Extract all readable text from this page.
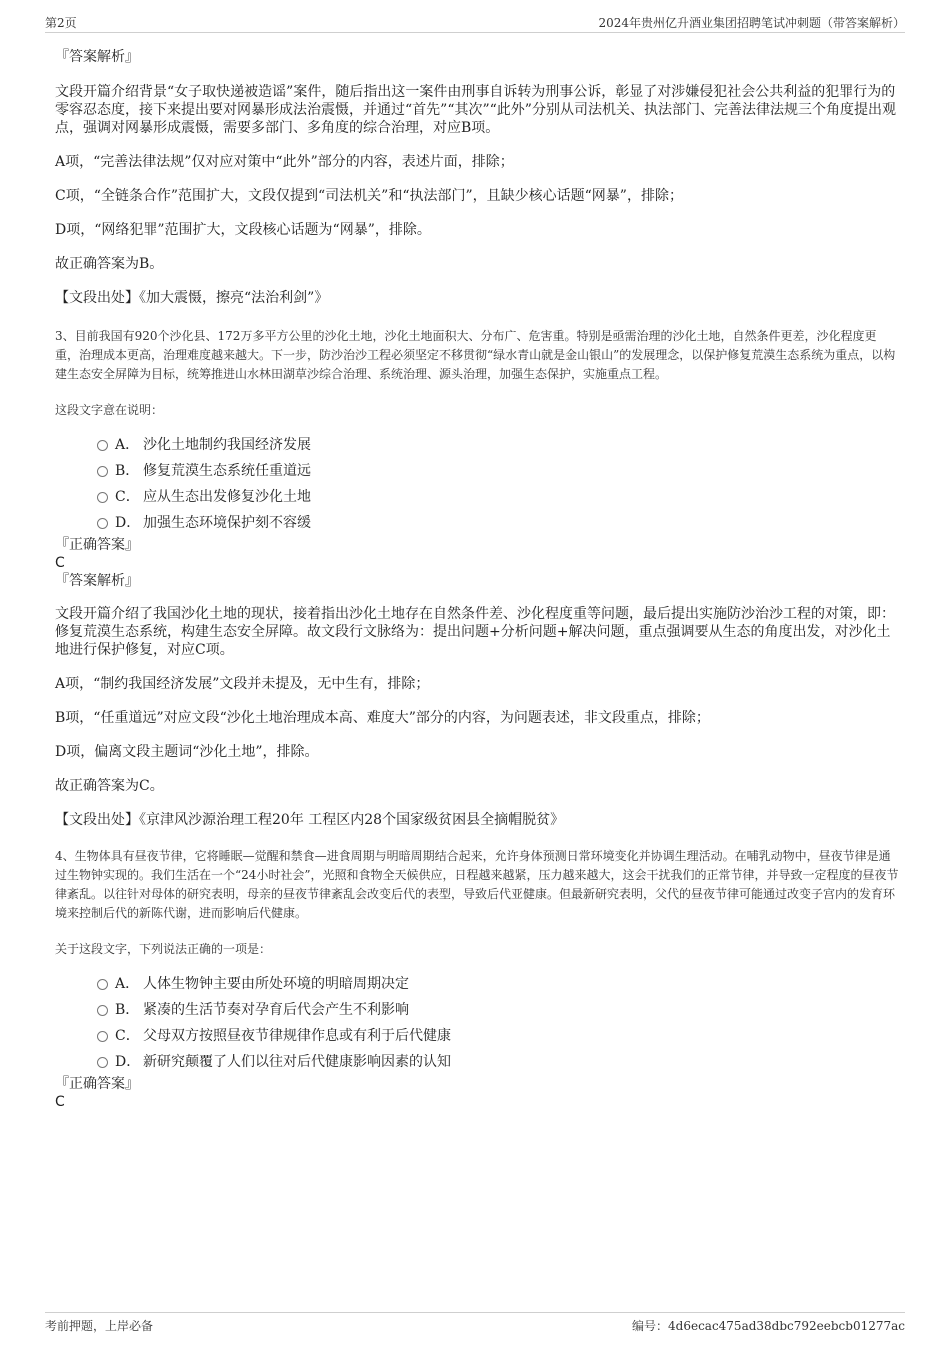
第2页	2024年贵州亿升酒业集团招聘笔试冲刺题（带答案解析）

『答案解析』

文段开篇介绍背景“女子取快递被造谣”案件，随后指出这一案件由刑事自诉转为刑事公诉，彰显了对涉嫌侵犯社会公共利益的犯罪行为的零容忍态度，接下来提出要对网暴形成法治震慑，并通过“首先”“其次”“此外”分别从司法机关、执法部门、完善法律法规三个角度提出观点，强调对网暴形成震慑，需要多部门、多角度的综合治理，对应B项。

A项，“完善法律法规”仅对应对策中“此外”部分的内容，表述片面，排除；

C项，“全链条合作”范围扩大，文段仅提到“司法机关”和“执法部门”，且缺少核心话题“网暴”，排除；

D项，“网络犯罪”范围扩大，文段核心话题为“网暴”，排除。

故正确答案为B。

【文段出处】《加大震慑，擦亮“法治利剑”》

3、目前我国有920个沙化县、172万多平方公里的沙化土地，沙化土地面积大、分布广、危害重。特别是亟需治理的沙化土地，自然条件更差，沙化程度更重，治理成本更高，治理难度越来越大。下一步，防沙治沙工程必须坚定不移贯彻“绿水青山就是金山银山”的发展理念，以保护修复荒漠生态系统为重点，以构建生态安全屏障为目标，统筹推进山水林田湖草沙综合治理、系统治理、源头治理，加强生态保护，实施重点工程。

这段文字意在说明：

A． 沙化土地制约我国经济发展
B． 修复荒漠生态系统任重道远
C． 应从生态出发修复沙化土地
D． 加强生态环境保护刻不容缓

『正确答案』

C

『答案解析』

文段开篇介绍了我国沙化土地的现状，接着指出沙化土地存在自然条件差、沙化程度重等问题，最后提出实施防沙治沙工程的对策，即：修复荒漠生态系统，构建生态安全屏障。故文段行文脉络为：提出问题+分析问题+解决问题，重点强调要从生态的角度出发，对沙化土地进行保护修复，对应C项。

A项，“制约我国经济发展”文段并未提及，无中生有，排除；

B项，“任重道远”对应文段“沙化土地治理成本高、难度大”部分的内容，为问题表述，非文段重点，排除；

D项，偏离文段主题词“沙化土地”，排除。

故正确答案为C。

【文段出处】《京津风沙源治理工程20年 工程区内28个国家级贫困县全摘帽脱贫》

4、生物体具有昼夜节律，它将睡眠—觉醒和禁食—进食周期与明暗周期结合起来，允许身体预测日常环境变化并协调生理活动。在哺乳动物中，昼夜节律是通过生物钟实现的。我们生活在一个“24小时社会”，光照和食物全天候供应，日程越来越紧，压力越来越大，这会干扰我们的正常节律，并导致一定程度的昼夜节律紊乱。以往针对母体的研究表明，母亲的昼夜节律紊乱会改变后代的表型，导致后代亚健康。但最新研究表明，父代的昼夜节律可能通过改变子宫内的发育环境来控制后代的新陈代谢，进而影响后代健康。

关于这段文字，下列说法正确的一项是：

A． 人体生物钟主要由所处环境的明暗周期决定
B． 紧凑的生活节奏对孕育后代会产生不利影响
C． 父母双方按照昼夜节律规律作息或有利于后代健康
D． 新研究颠覆了人们以往对后代健康影响因素的认知

『正确答案』

C

考前押题，上岸必备	编号：4d6ecac475ad38dbc792eebcb01277ac
